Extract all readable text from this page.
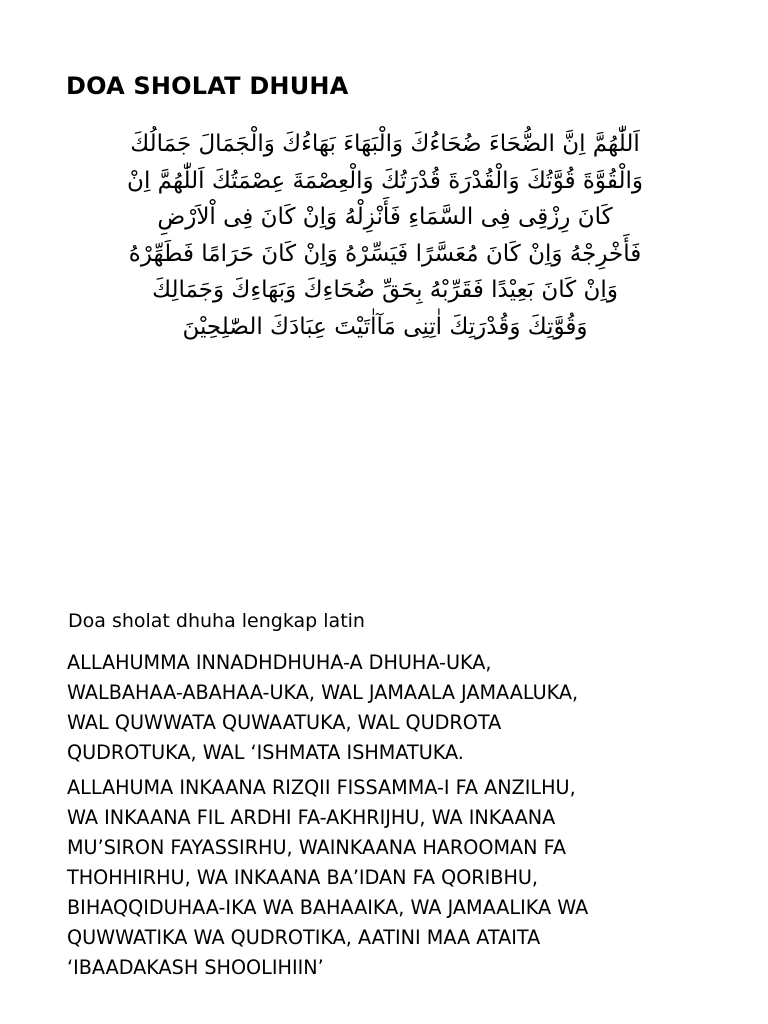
DOA SHOLAT DHUHA

اَللّٰهُمَّ اِنَّ الضُّحَاءَ ضُحَاءُكَ وَالْبَهَاءَ بَهَاءُكَ وَالْجَمَالَ جَمَالُكَ
وَالْقُوَّةَ قُوَّتُكَ وَالْقُدْرَةَ قُدْرَتُكَ وَالْعِصْمَةَ عِصْمَتُكَ اَللّٰهُمَّ اِنْ
كَانَ رِزْقِى فِى السَّمَاءِ فَأَنْزِلْهُ وَاِنْ كَانَ فِى اْلاَرْضِ
فَأَخْرِجْهُ وَاِنْ كَانَ مُعَسَّرًا فَيَسِّرْهُ وَاِنْ كَانَ حَرَامًا فَطَهِّرْهُ
وَاِنْ كَانَ بَعِيْدًا فَقَرِّبْهُ بِحَقِّ ضُحَاءِكَ وَبَهَاءِكَ وَجَمَالِكَ
وَقُوَّتِكَ وَقُدْرَتِكَ اٰتِنِى مَآاٰتَيْتَ عِبَادَكَ الصّٰلِحِيْنَ

Doa sholat dhuha lengkap latin

ALLAHUMMA INNADHDHUHA-A DHUHA-UKA,
WALBAHAA-ABAHAA-UKA, WAL JAMAALA JAMAALUKA,
WAL QUWWATA QUWAATUKA, WAL QUDROTA
QUDROTUKA, WAL ‘ISHMATA ISHMATUKA.

ALLAHUMA INKAANA RIZQII FISSAMMA-I FA ANZILHU,
WA INKAANA FIL ARDHI FA-AKHRIJHU, WA INKAANA
MU’SIRON FAYASSIRHU, WAINKAANA HAROOMAN FA
THOHHIRHU, WA INKAANA BA’IDAN FA QORIBHU,
BIHAQQIDUHAA-IKA WA BAHAAIKA, WA JAMAALIKA WA
QUWWATIKA WA QUDROTIKA, AATINI MAA ATAITA
‘IBAADAKASH SHOOLIHIIN’
